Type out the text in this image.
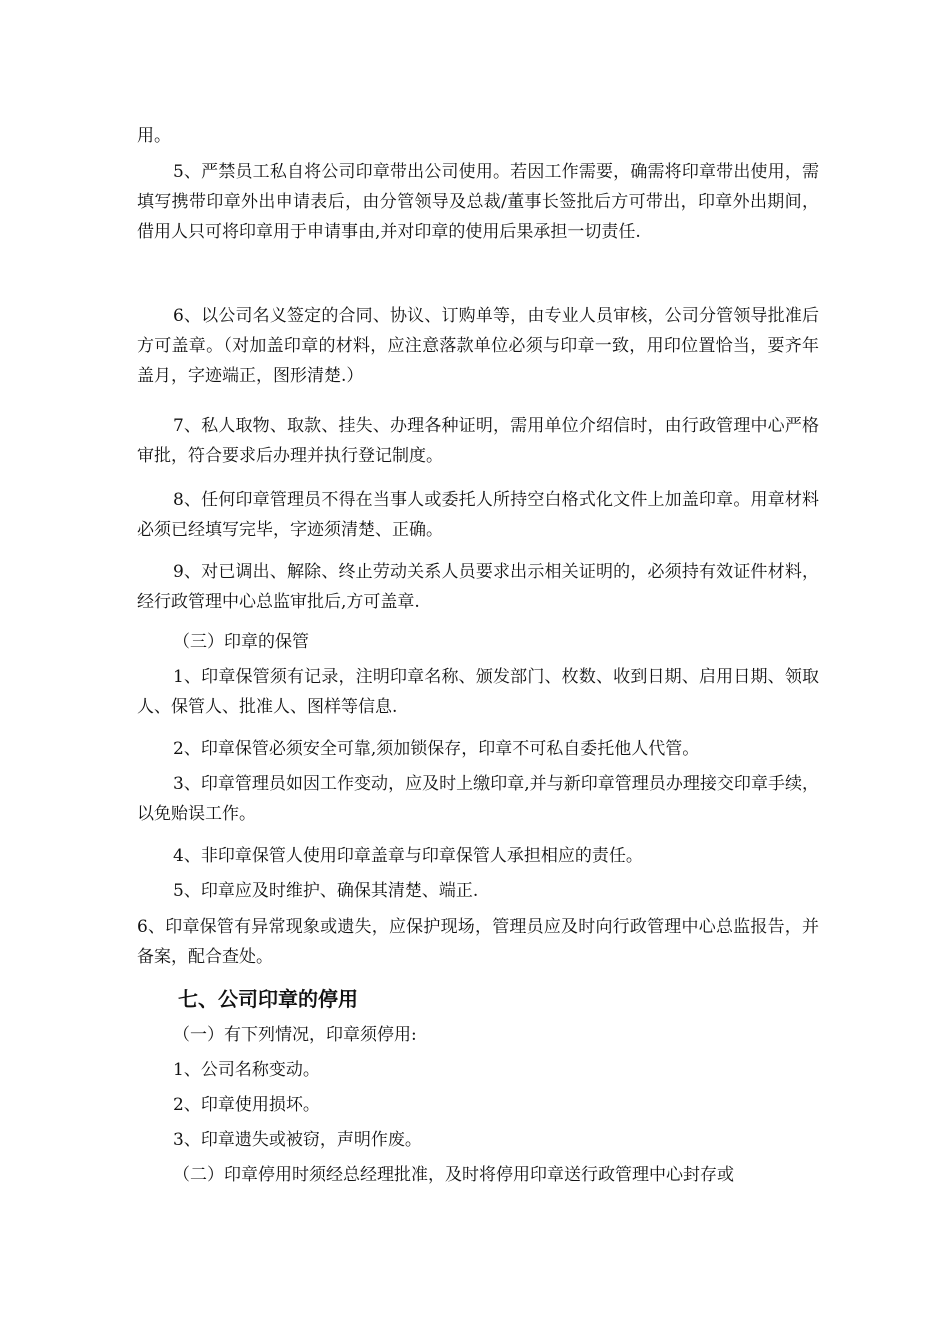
用。

5、严禁员工私自将公司印章带出公司使用。若因工作需要，确需将印章带出使用，需填写携带印章外出申请表后，由分管领导及总裁/董事长签批后方可带出，印章外出期间，借用人只可将印章用于申请事由,并对印章的使用后果承担一切责任.

6、以公司名义签定的合同、协议、订购单等，由专业人员审核，公司分管领导批准后方可盖章。（对加盖印章的材料，应注意落款单位必须与印章一致，用印位置恰当，要齐年盖月，字迹端正，图形清楚.）

7、私人取物、取款、挂失、办理各种证明，需用单位介绍信时，由行政管理中心严格审批，符合要求后办理并执行登记制度。

8、任何印章管理员不得在当事人或委托人所持空白格式化文件上加盖印章。用章材料必须已经填写完毕，字迹须清楚、正确。

9、对已调出、解除、终止劳动关系人员要求出示相关证明的，必须持有效证件材料，经行政管理中心总监审批后,方可盖章.

（三）印章的保管

1、印章保管须有记录，注明印章名称、颁发部门、枚数、收到日期、启用日期、领取人、保管人、批准人、图样等信息.

2、印章保管必须安全可靠,须加锁保存，印章不可私自委托他人代管。

3、印章管理员如因工作变动，应及时上缴印章,并与新印章管理员办理接交印章手续，以免贻误工作。

4、非印章保管人使用印章盖章与印章保管人承担相应的责任。

5、印章应及时维护、确保其清楚、端正.

6、印章保管有异常现象或遗失，应保护现场，管理员应及时向行政管理中心总监报告，并备案，配合查处。

七、公司印章的停用

（一）有下列情况，印章须停用:

1、公司名称变动。

2、印章使用损坏。

3、印章遗失或被窃，声明作废。

（二）印章停用时须经总经理批准，及时将停用印章送行政管理中心封存或
